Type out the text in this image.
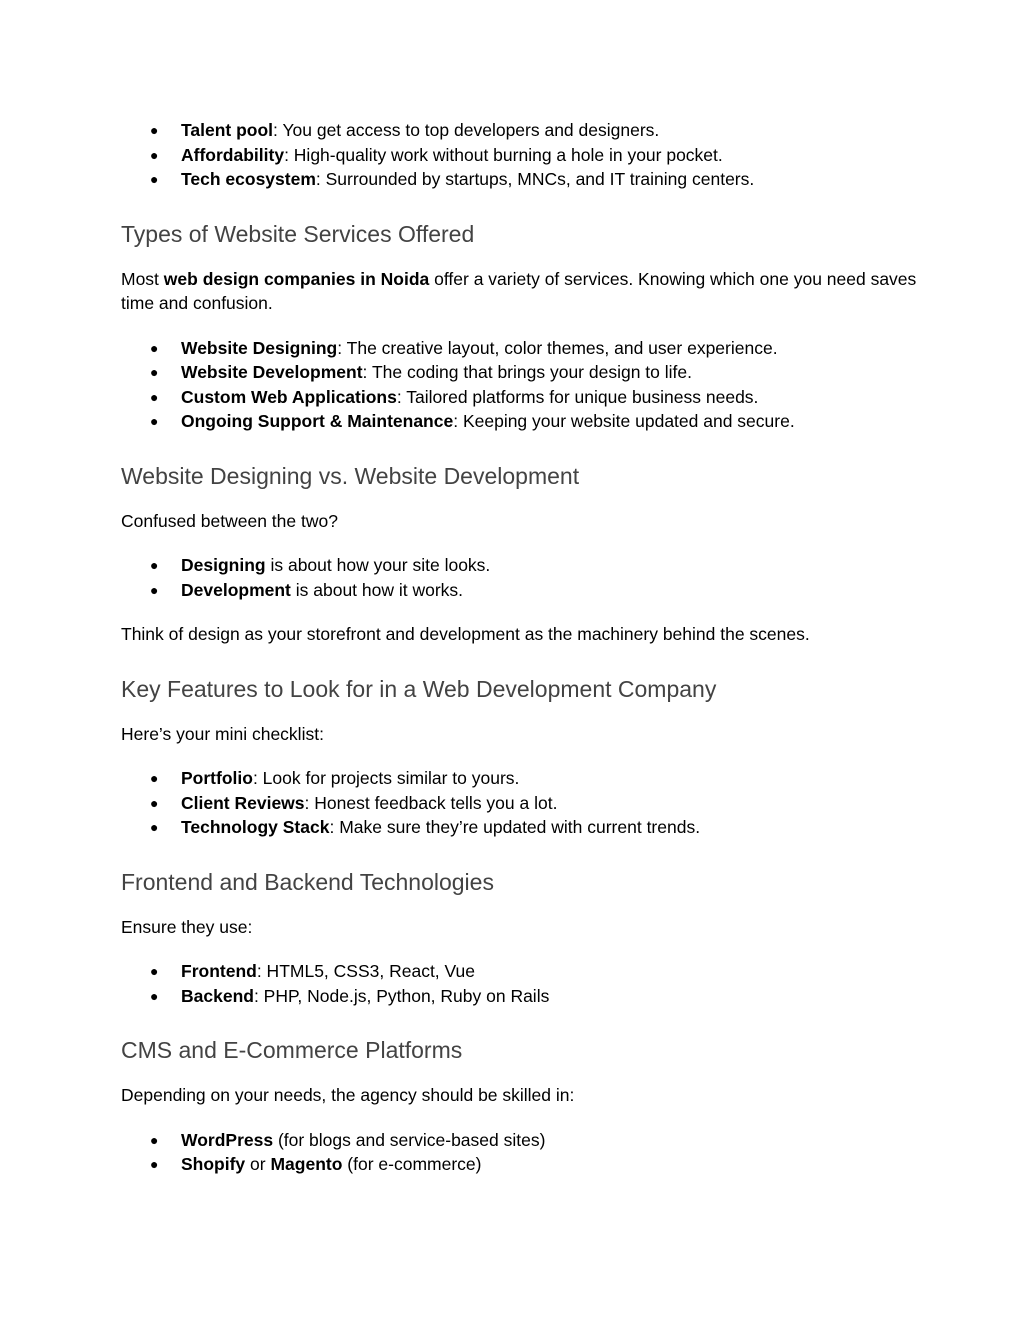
● Talent pool: You get access to top developers and designers.
● Affordability: High-quality work without burning a hole in your pocket.
● Tech ecosystem: Surrounded by startups, MNCs, and IT training centers.
Types of Website Services Offered

Most web design companies in Noida offer a variety of services. Knowing which one you need saves time and confusion.

● Website Designing: The creative layout, color themes, and user experience.
● Website Development: The coding that brings your design to life.
● Custom Web Applications: Tailored platforms for unique business needs.
● Ongoing Support & Maintenance: Keeping your website updated and secure.
Website Designing vs. Website Development

Confused between the two?

● Designing is about how your site looks.
● Development is about how it works.

Think of design as your storefront and development as the machinery behind the scenes.

Key Features to Look for in a Web Development Company

Here’s your mini checklist:

● Portfolio: Look for projects similar to yours.
● Client Reviews: Honest feedback tells you a lot.
● Technology Stack: Make sure they’re updated with current trends.
Frontend and Backend Technologies

Ensure they use:

● Frontend: HTML5, CSS3, React, Vue
● Backend: PHP, Node.js, Python, Ruby on Rails
CMS and E-Commerce Platforms

Depending on your needs, the agency should be skilled in:

● WordPress (for blogs and service-based sites)
● Shopify or Magento (for e-commerce)
